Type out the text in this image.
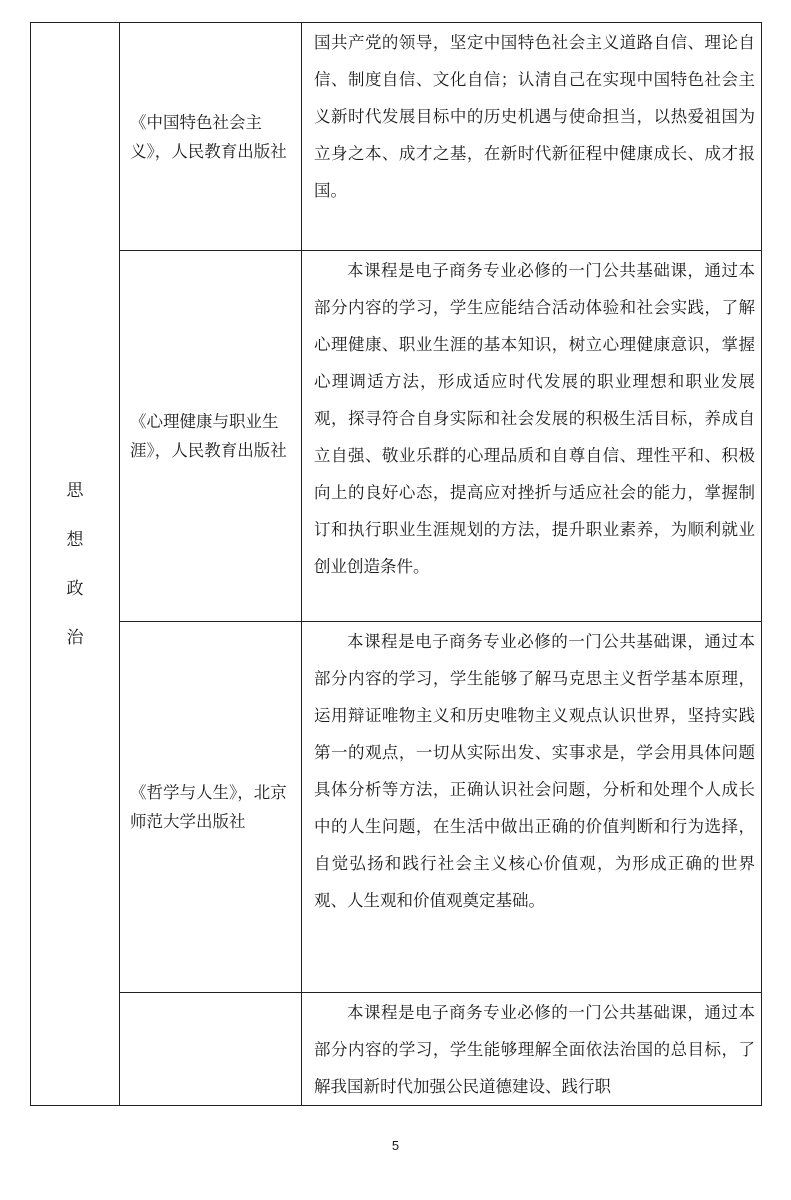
思
想
政
治	《中国特色社会主义》，人民教育出版社	国共产党的领导，坚定中国特色社会主义道路自信、理论自信、制度自信、文化自信；认清自己在实现中国特色社会主义新时代发展目标中的历史机遇与使命担当，以热爱祖国为立身之本、成才之基，在新时代新征程中健康成长、成才报国。

	《心理健康与职业生涯》，人民教育出版社	本课程是电子商务专业必修的一门公共基础课，通过本部分内容的学习，学生应能结合活动体验和社会实践，了解心理健康、职业生涯的基本知识，树立心理健康意识，掌握心理调适方法，形成适应时代发展的职业理想和职业发展观，探寻符合自身实际和社会发展的积极生活目标，养成自立自强、敬业乐群的心理品质和自尊自信、理性平和、积极向上的良好心态，提高应对挫折与适应社会的能力，掌握制订和执行职业生涯规划的方法，提升职业素养，为顺利就业创业创造条件。

	《哲学与人生》，北京师范大学出版社	本课程是电子商务专业必修的一门公共基础课，通过本部分内容的学习，学生能够了解马克思主义哲学基本原理，运用辩证唯物主义和历史唯物主义观点认识世界，坚持实践第一的观点，一切从实际出发、实事求是，学会用具体问题具体分析等方法，正确认识社会问题，分析和处理个人成长中的人生问题，在生活中做出正确的价值判断和行为选择，自觉弘扬和践行社会主义核心价值观，为形成正确的世界观、人生观和价值观奠定基础。

		本课程是电子商务专业必修的一门公共基础课，通过本部分内容的学习，学生能够理解全面依法治国的总目标，了解我国新时代加强公民道德建设、践行职
5
